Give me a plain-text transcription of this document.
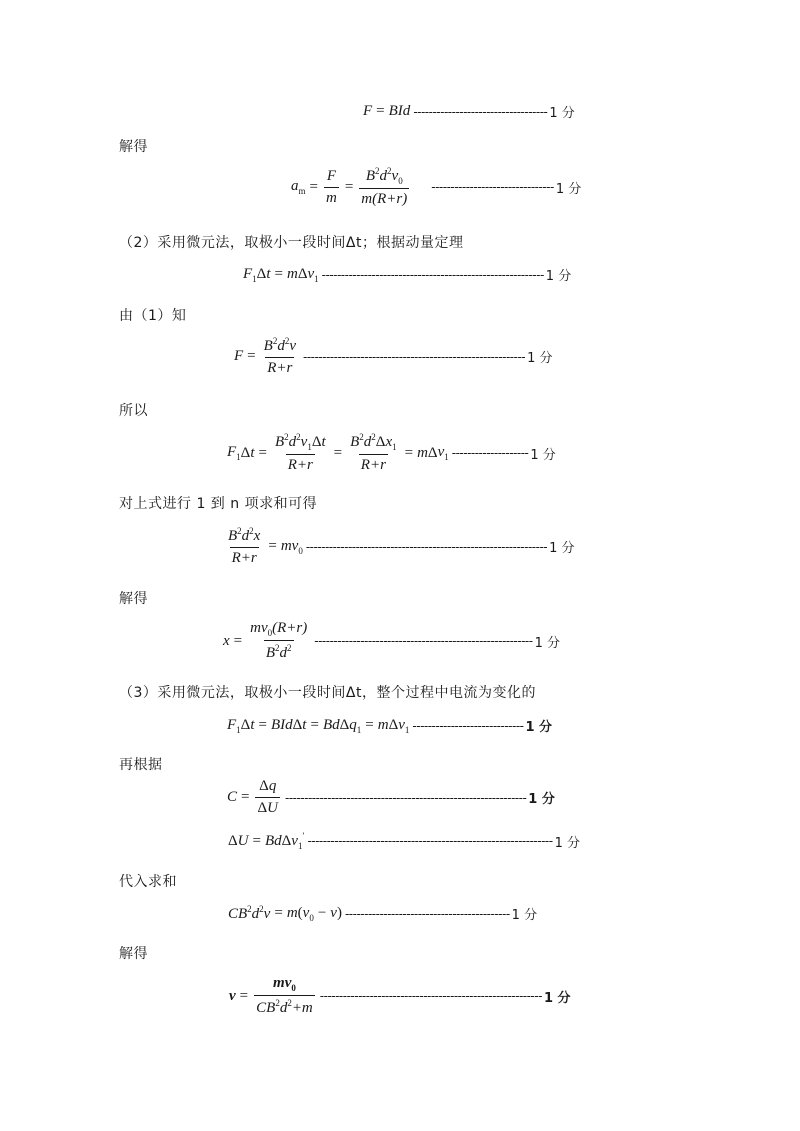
F = BId ----------------------------------- 1 分
解得
$a_m = \frac{F}{m} = \frac{B^2d^2v_0}{m(R+r)}$ -------------------------------- 1 分
（2）采用微元法，取极小一段时间Δt；根据动量定理
$F_1$ Δ t = m Δ $v_1$ ---------------------------------------------------------- 1 分
由（1）知
$F = \frac{B^2d^2v}{R+r}$ ---------------------------------------------------------- 1 分
所以
$F_1$ Δ $t = \frac{B^2d^2v_1\Delta t}{R+r} = \frac{B^2d^2\Delta x_1}{R+r} = m$ Δ $v_1$ -------------------- 1 分
对上式进行 1 到 n 项求和可得
$\frac{B^2d^2x}{R+r} = mv_0$ --------------------------------------------------------------- 1 分
解得
$x = \frac{mv_0(R+r)}{B^2d^2}$ --------------------------------------------------------- 1 分
（3）采用微元法，取极小一段时间Δt，整个过程中电流为变化的
$F_1$ Δ t = BId Δ t = Bd Δ $q_1 = m$ Δ $v_1$ ----------------------------- 1 分
再根据
$C = \frac{\Delta q}{\Delta U}$ --------------------------------------------------------------- 1 分
Δ U = Bd Δ $v_1'$ ---------------------------------------------------------------- 1 分
代入求和
$CB^2d^2v = m$ ( $v_0 - v$ ) ------------------------------------------- 1 分
解得
$v = \frac{mv_0}{CB^2d^2+m}$ ---------------------------------------------------------- 1 分
